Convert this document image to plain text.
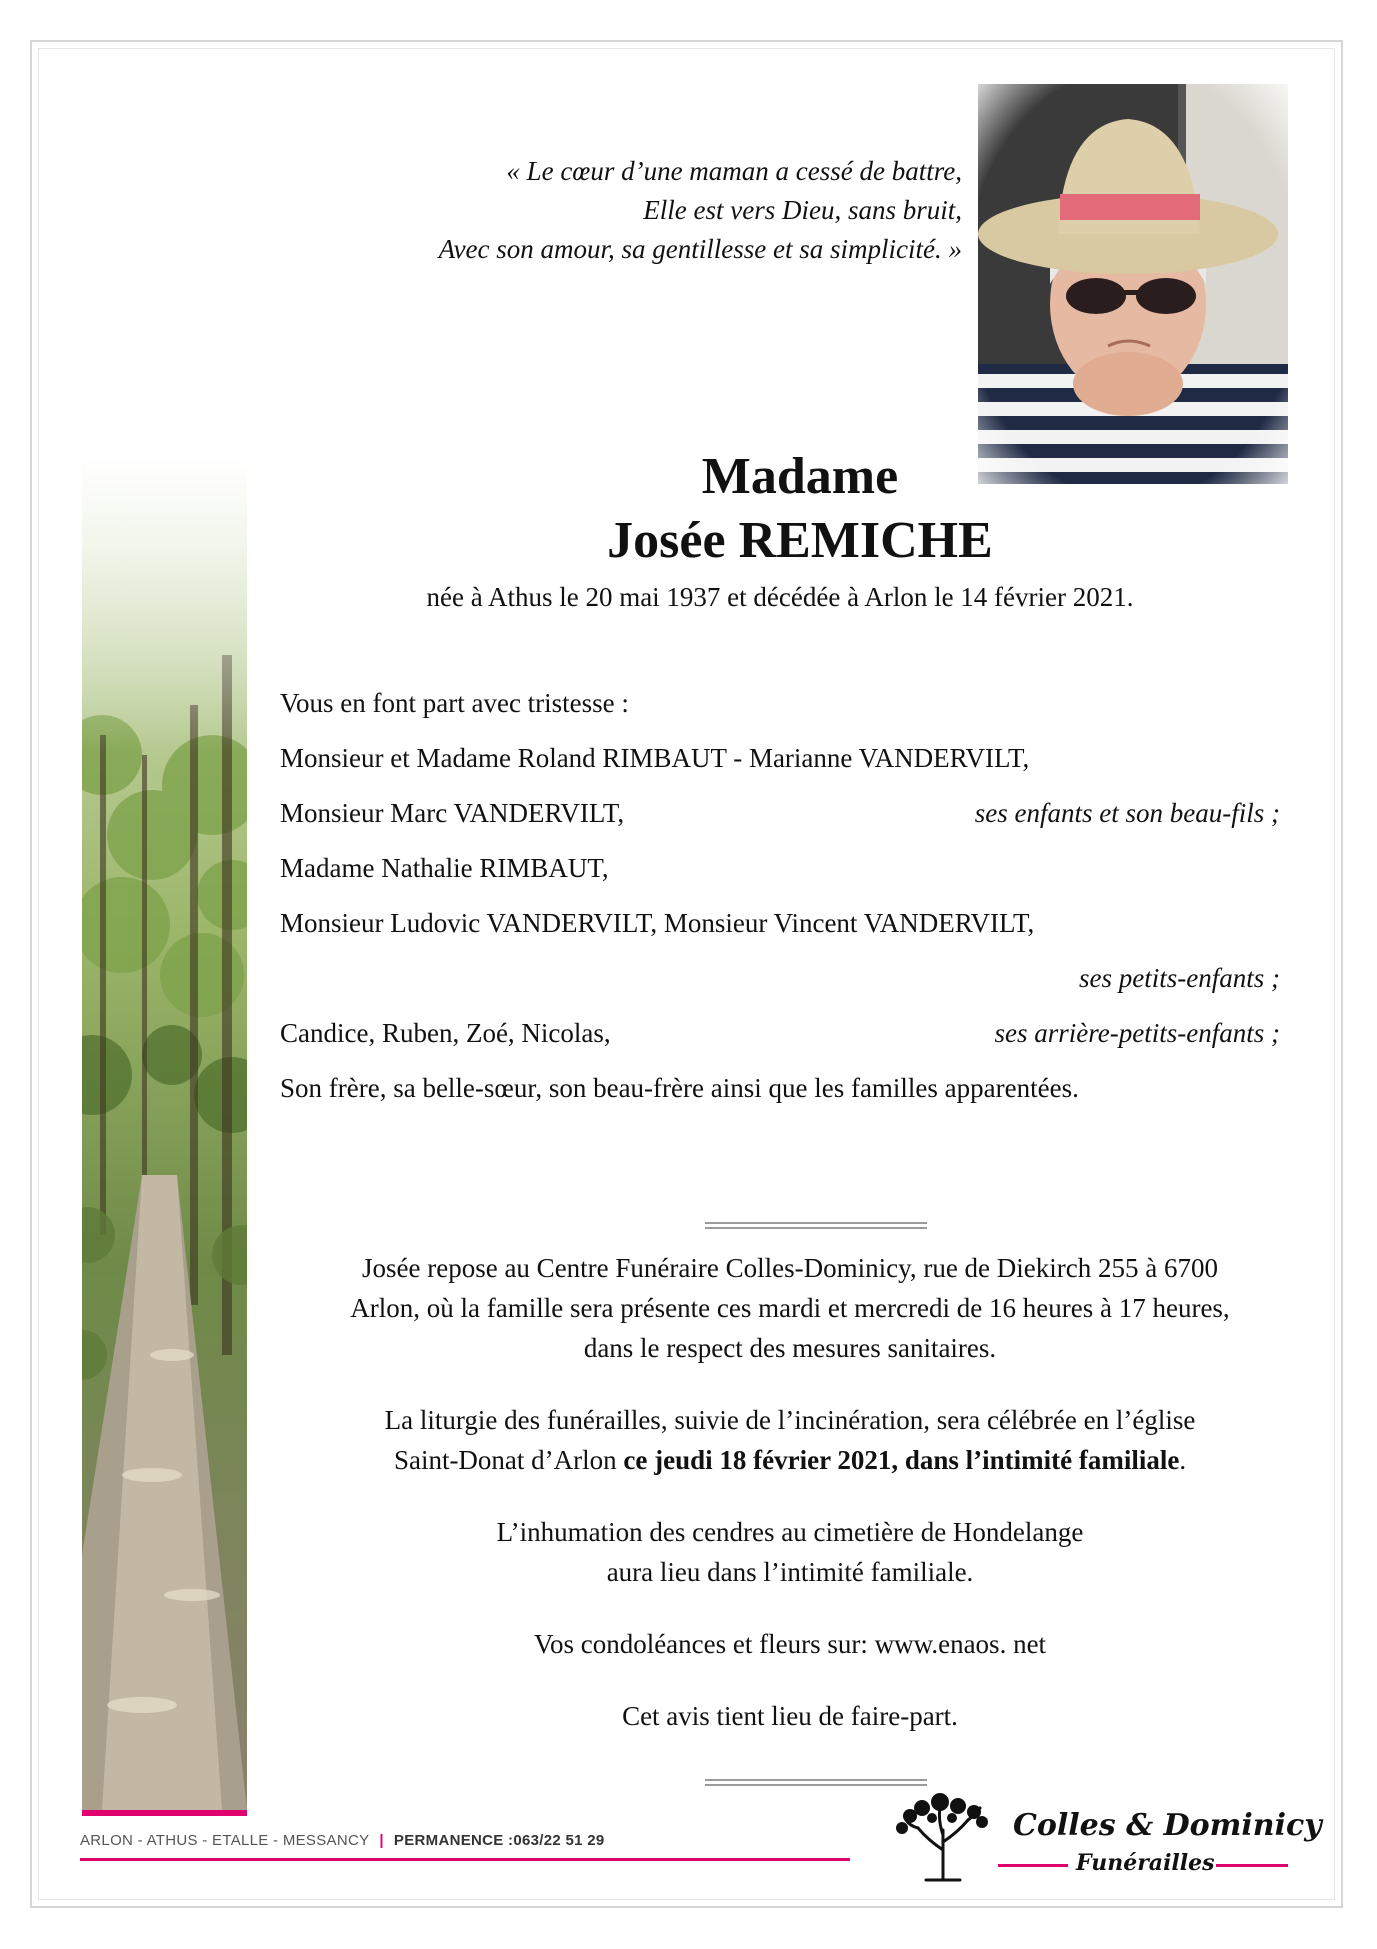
« Le cœur d’une maman a cessé de battre,
Elle est vers Dieu, sans bruit,
Avec son amour, sa gentillesse et sa simplicité. »
Madame
Josée REMICHE
née à Athus le 20 mai 1937 et décédée à Arlon le 14 février 2021.
Vous en font part avec tristesse :
Monsieur et Madame Roland RIMBAUT - Marianne VANDERVILT,
Monsieur Marc VANDERVILT,	ses enfants et son beau-fils ;
Madame Nathalie RIMBAUT,
Monsieur Ludovic VANDERVILT, Monsieur Vincent VANDERVILT,
ses petits-enfants ;
Candice, Ruben, Zoé, Nicolas,	ses arrière-petits-enfants ;
Son frère, sa belle-sœur, son beau-frère ainsi que les familles apparentées.

Josée repose au Centre Funéraire Colles-Dominicy, rue de Diekirch 255 à 6700
Arlon, où la famille sera présente ces mardi et mercredi de 16 heures à 17 heures,
dans le respect des mesures sanitaires.

La liturgie des funérailles, suivie de l’incinération, sera célébrée en l’église
Saint-Donat d’Arlon ce jeudi 18 février 2021, dans l’intimité familiale.

L’inhumation des cendres au cimetière de Hondelange
aura lieu dans l’intimité familiale.

Vos condoléances et fleurs sur: www.enaos. net

Cet avis tient lieu de faire-part.

ARLON - ATHUS - ETALLE - MESSANCY | PERMANENCE :063/22 51 29	Colles & Dominicy
Funérailles
